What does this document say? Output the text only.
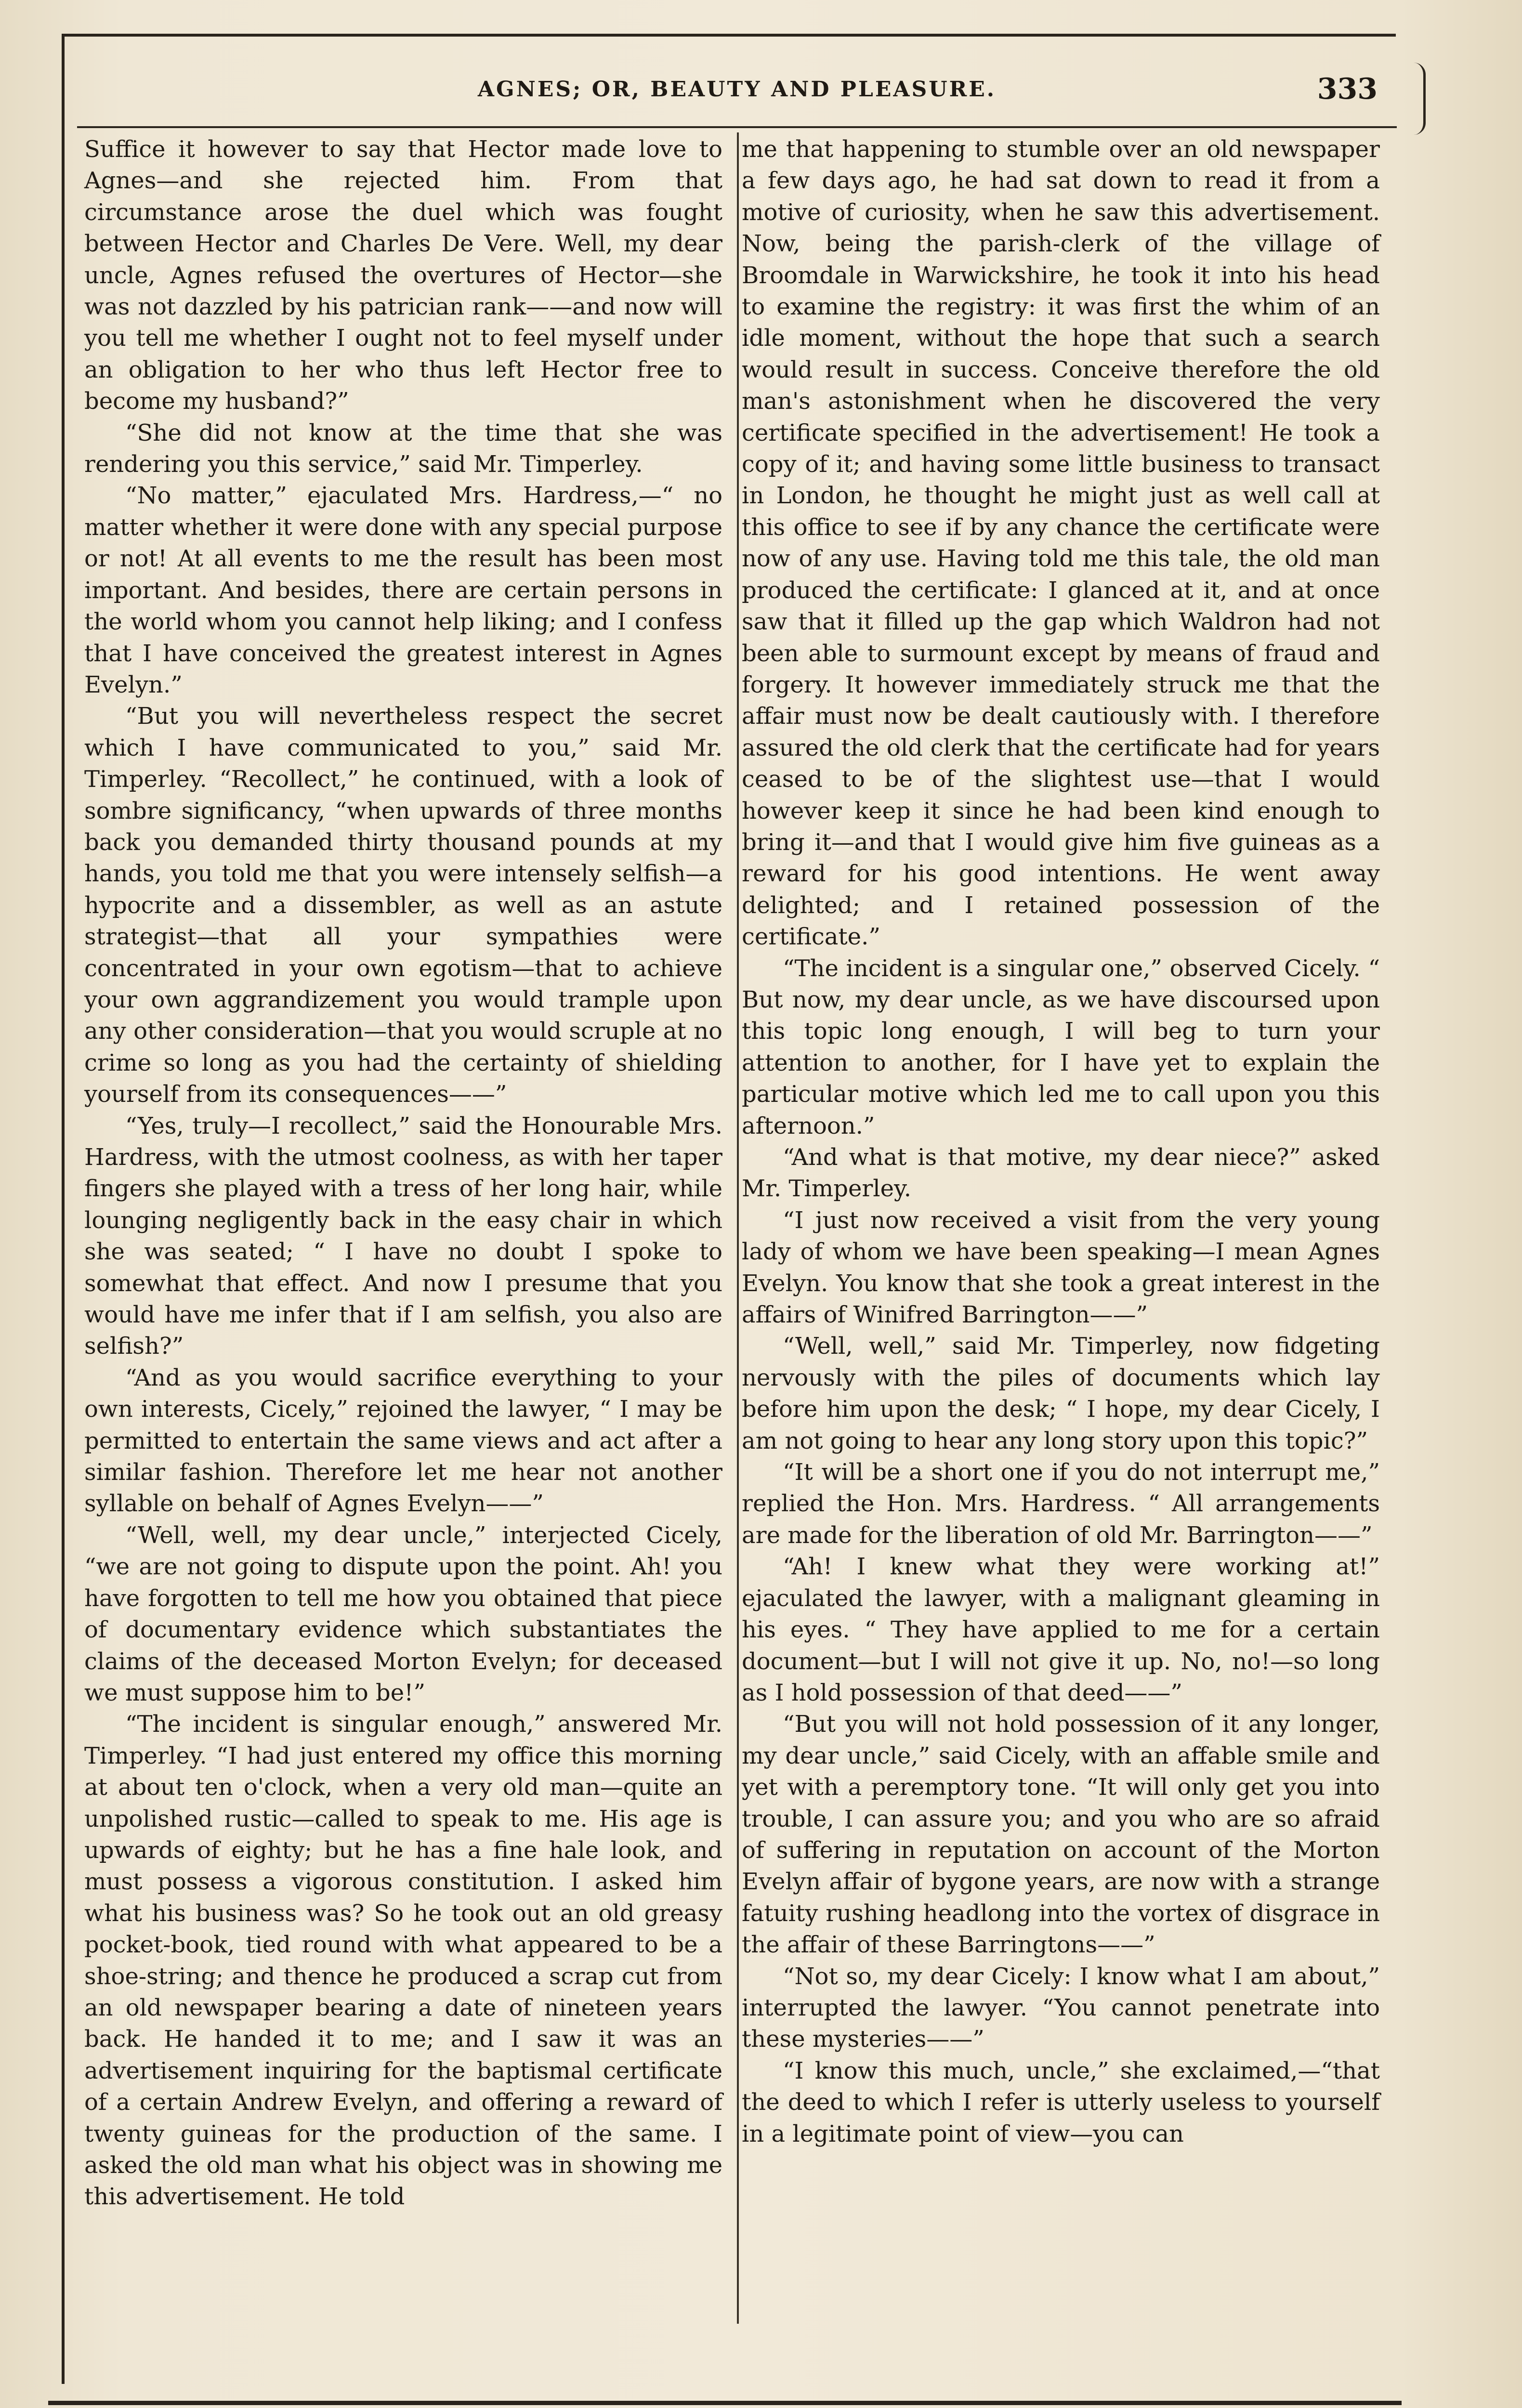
AGNES; OR, BEAUTY AND PLEASURE.	333

Suffice it however to say that Hector made love to Agnes—and she rejected him. From that circumstance arose the duel which was fought between Hector and Charles De Vere. Well, my dear uncle, Agnes refused the overtures of Hector—she was not dazzled by his patrician rank——and now will you tell me whether I ought not to feel myself under an obligation to her who thus left Hector free to become my husband?”

“She did not know at the time that she was rendering you this service,” said Mr. Timperley.

“No matter,” ejaculated Mrs. Hardress,—“ no matter whether it were done with any special purpose or not! At all events to me the result has been most important. And besides, there are certain persons in the world whom you cannot help liking; and I confess that I have conceived the greatest interest in Agnes Evelyn.”

“But you will nevertheless respect the secret which I have communicated to you,” said Mr. Timperley. “Recollect,” he continued, with a look of sombre significancy, “when upwards of three months back you demanded thirty thousand pounds at my hands, you told me that you were intensely selfish—a hypocrite and a dissembler, as well as an astute strategist—that all your sympathies were concentrated in your own egotism—that to achieve your own aggrandizement you would trample upon any other consideration—that you would scruple at no crime so long as you had the certainty of shielding yourself from its consequences——”

“Yes, truly—I recollect,” said the Honourable Mrs. Hardress, with the utmost coolness, as with her taper fingers she played with a tress of her long hair, while lounging negligently back in the easy chair in which she was seated; “ I have no doubt I spoke to somewhat that effect. And now I presume that you would have me infer that if I am selfish, you also are selfish?”

“And as you would sacrifice everything to your own interests, Cicely,” rejoined the lawyer, “ I may be permitted to entertain the same views and act after a similar fashion. Therefore let me hear not another syllable on behalf of Agnes Evelyn——”

“Well, well, my dear uncle,” interjected Cicely, “we are not going to dispute upon the point. Ah! you have forgotten to tell me how you obtained that piece of documentary evidence which substantiates the claims of the deceased Morton Evelyn; for deceased we must suppose him to be!”

“The incident is singular enough,” answered Mr. Timperley. “I had just entered my office this morning at about ten o'clock, when a very old man—quite an unpolished rustic—called to speak to me. His age is upwards of eighty; but he has a fine hale look, and must possess a vigorous constitution. I asked him what his business was? So he took out an old greasy pocket-book, tied round with what appeared to be a shoe-string; and thence he produced a scrap cut from an old newspaper bearing a date of nineteen years back. He handed it to me; and I saw it was an advertisement inquiring for the baptismal certificate of a certain Andrew Evelyn, and offering a reward of twenty guineas for the production of the same. I asked the old man what his object was in showing me this advertisement. He told

me that happening to stumble over an old newspaper a few days ago, he had sat down to read it from a motive of curiosity, when he saw this advertisement. Now, being the parish-clerk of the village of Broomdale in Warwickshire, he took it into his head to examine the registry: it was first the whim of an idle moment, without the hope that such a search would result in success. Conceive therefore the old man's astonishment when he discovered the very certificate specified in the advertisement! He took a copy of it; and having some little business to transact in London, he thought he might just as well call at this office to see if by any chance the certificate were now of any use. Having told me this tale, the old man produced the certificate: I glanced at it, and at once saw that it filled up the gap which Waldron had not been able to surmount except by means of fraud and forgery. It however immediately struck me that the affair must now be dealt cautiously with. I therefore assured the old clerk that the certificate had for years ceased to be of the slightest use—that I would however keep it since he had been kind enough to bring it—and that I would give him five guineas as a reward for his good intentions. He went away delighted; and I retained possession of the certificate.”

“The incident is a singular one,” observed Cicely. “ But now, my dear uncle, as we have discoursed upon this topic long enough, I will beg to turn your attention to another, for I have yet to explain the particular motive which led me to call upon you this afternoon.”

“And what is that motive, my dear niece?” asked Mr. Timperley.

“I just now received a visit from the very young lady of whom we have been speaking—I mean Agnes Evelyn. You know that she took a great interest in the affairs of Winifred Barrington——”

“Well, well,” said Mr. Timperley, now fidgeting nervously with the piles of documents which lay before him upon the desk; “ I hope, my dear Cicely, I am not going to hear any long story upon this topic?”

“It will be a short one if you do not interrupt me,” replied the Hon. Mrs. Hardress. “ All arrangements are made for the liberation of old Mr. Barrington——”

“Ah! I knew what they were working at!” ejaculated the lawyer, with a malignant gleaming in his eyes. “ They have applied to me for a certain document—but I will not give it up. No, no!—so long as I hold possession of that deed——”

“But you will not hold possession of it any longer, my dear uncle,” said Cicely, with an affable smile and yet with a peremptory tone. “It will only get you into trouble, I can assure you; and you who are so afraid of suffering in reputation on account of the Morton Evelyn affair of bygone years, are now with a strange fatuity rushing headlong into the vortex of disgrace in the affair of these Barringtons——”

“Not so, my dear Cicely: I know what I am about,” interrupted the lawyer. “You cannot penetrate into these mysteries——”

“I know this much, uncle,” she exclaimed,—“that the deed to which I refer is utterly useless to yourself in a legitimate point of view—you can
